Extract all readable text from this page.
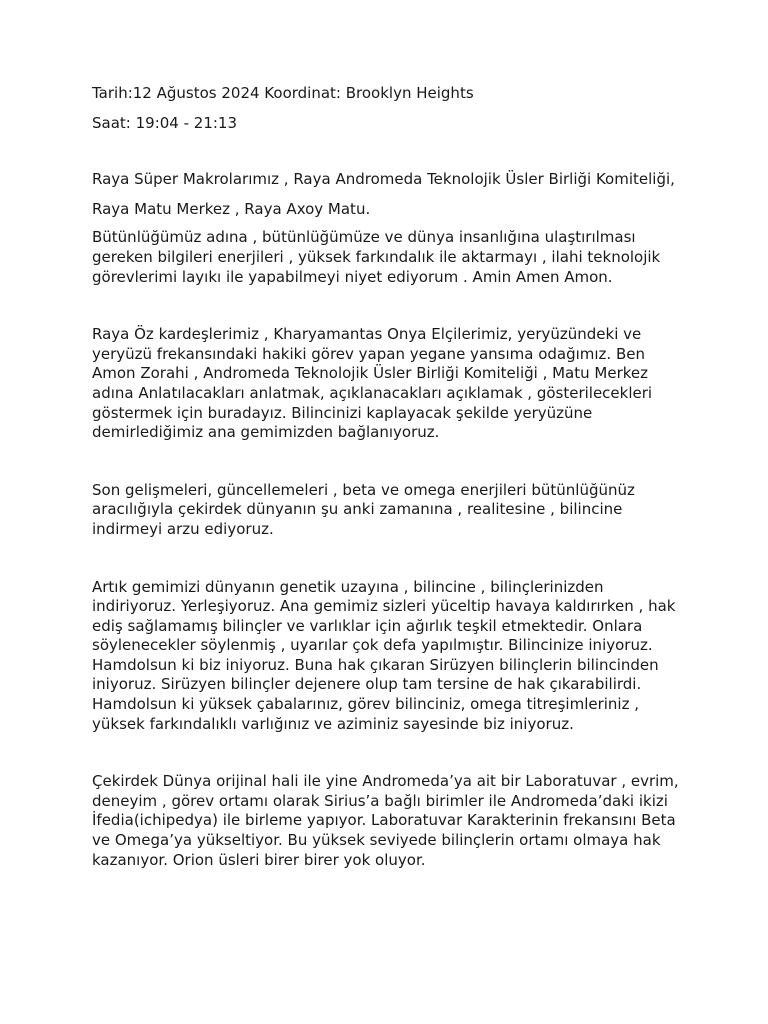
Tarih:12 Ağustos 2024 Koordinat: Brooklyn Heights

Saat: 19:04 - 21:13

Raya Süper Makrolarımız , Raya Andromeda Teknolojik Üsler Birliği Komiteliği,

Raya Matu Merkez , Raya Axoy Matu.

Bütünlüğümüz adına , bütünlüğümüze ve dünya insanlığına ulaştırılması gereken bilgileri enerjileri , yüksek farkındalık ile aktarmayı , ilahi teknolojik görevlerimi layıkı ile yapabilmeyi niyet ediyorum . Amin Amen Amon.

Raya Öz kardeşlerimiz , Kharyamantas Onya Elçilerimiz, yeryüzündeki ve yeryüzü frekansındaki hakiki görev yapan yegane yansıma odağımız. Ben Amon Zorahi , Andromeda Teknolojik Üsler Birliği Komiteliği , Matu Merkez adına Anlatılacakları anlatmak, açıklanacakları açıklamak , gösterilecekleri göstermek için buradayız. Bilincinizi kaplayacak şekilde yeryüzüne demirlediğimiz ana gemimizden bağlanıyoruz.

Son gelişmeleri, güncellemeleri , beta ve omega enerjileri bütünlüğünüz aracılığıyla çekirdek dünyanın şu anki zamanına , realitesine , bilincine indirmeyi arzu ediyoruz.

Artık gemimizi dünyanın genetik uzayına , bilincine , bilinçlerinizden indiriyoruz. Yerleşiyoruz. Ana gemimiz sizleri yüceltip havaya kaldırırken , hak ediş sağlamamış bilinçler ve varlıklar için ağırlık teşkil etmektedir. Onlara söylenecekler söylenmiş , uyarılar çok defa yapılmıştır. Bilincinize iniyoruz. Hamdolsun ki biz iniyoruz. Buna hak çıkaran Sirüzyen bilinçlerin bilincinden iniyoruz. Sirüzyen bilinçler dejenere olup tam tersine de hak çıkarabilirdi. Hamdolsun ki yüksek çabalarınız, görev bilinciniz, omega titreşimleriniz , yüksek farkındalıklı varlığınız ve aziminiz sayesinde biz iniyoruz.

Çekirdek Dünya orijinal hali ile yine Andromeda’ya ait bir Laboratuvar , evrim, deneyim , görev ortamı olarak Sirius’a bağlı birimler ile Andromeda’daki ikizi İfedia(ichipedya) ile birleme yapıyor. Laboratuvar Karakterinin frekansını Beta ve Omega’ya yükseltiyor. Bu yüksek seviyede bilinçlerin ortamı olmaya hak kazanıyor. Orion üsleri birer birer yok oluyor.
